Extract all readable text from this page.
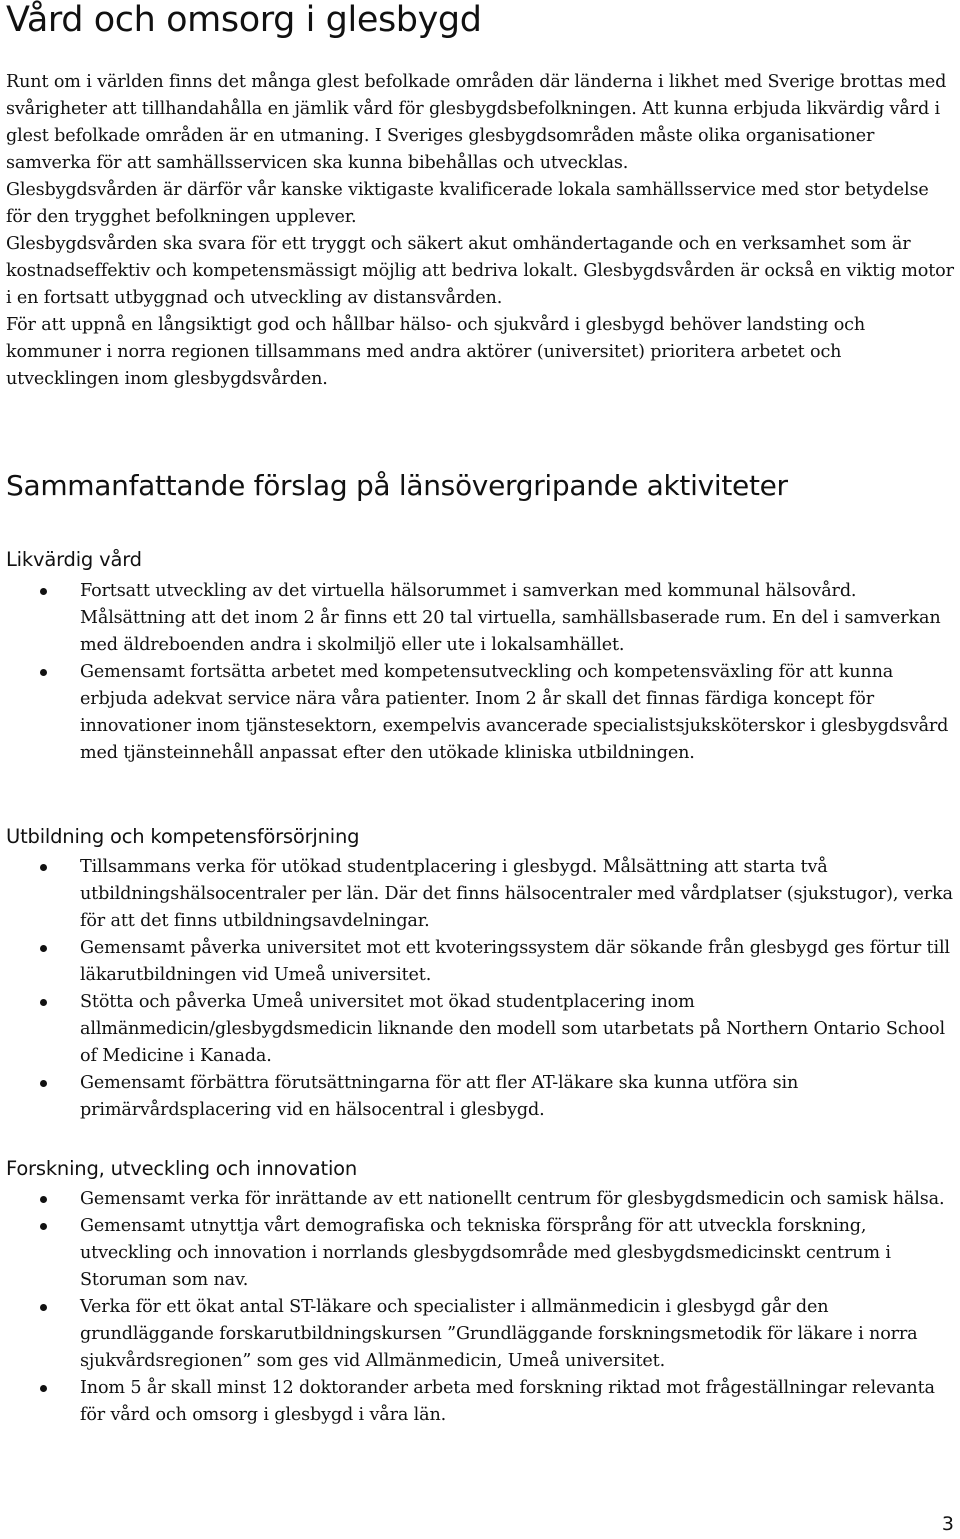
Vård och omsorg i glesbygd

Runt om i världen finns det många glest befolkade områden där länderna i likhet med Sverige brottas med svårigheter att tillhandahålla en jämlik vård för glesbygdsbefolkningen. Att kunna erbjuda likvärdig vård i glest befolkade områden är en utmaning. I Sveriges glesbygdsområden måste olika organisationer samverka för att samhällsservicen ska kunna bibehållas och utvecklas.

Glesbygdsvården är därför vår kanske viktigaste kvalificerade lokala samhällsservice med stor betydelse för den trygghet befolkningen upplever.

Glesbygdsvården ska svara för ett tryggt och säkert akut omhändertagande och en verksamhet som är kostnadseffektiv och kompetensmässigt möjlig att bedriva lokalt. Glesbygdsvården är också en viktig motor i en fortsatt utbyggnad och utveckling av distansvården.

För att uppnå en långsiktigt god och hållbar hälso- och sjukvård i glesbygd behöver landsting och kommuner i norra regionen tillsammans med andra aktörer (universitet) prioritera arbetet och utvecklingen inom glesbygdsvården.

Sammanfattande förslag på länsövergripande aktiviteter
Likvärdig vård
Fortsatt utveckling av det virtuella hälsorummet i samverkan med kommunal hälsovård. Målsättning att det inom 2 år finns ett 20 tal virtuella, samhällsbaserade rum. En del i samverkan med äldreboenden andra i skolmiljö eller ute i lokalsamhället.
Gemensamt fortsätta arbetet med kompetensutveckling och kompetensväxling för att kunna erbjuda adekvat service nära våra patienter. Inom 2 år skall det finnas färdiga koncept för innovationer inom tjänstesektorn, exempelvis avancerade specialistsjuksköterskor i glesbygdsvård med tjänsteinnehåll anpassat efter den utökade kliniska utbildningen.
Utbildning och kompetensförsörjning
Tillsammans verka för utökad studentplacering i glesbygd. Målsättning att starta två utbildningshälsocentraler per län. Där det finns hälsocentraler med vårdplatser (sjukstugor), verka för att det finns utbildningsavdelningar.
Gemensamt påverka universitet mot ett kvoteringssystem där sökande från glesbygd ges förtur till läkarutbildningen vid Umeå universitet.
Stötta och påverka Umeå universitet mot ökad studentplacering inom allmänmedicin/glesbygdsmedicin liknande den modell som utarbetats på Northern Ontario School of Medicine i Kanada.
Gemensamt förbättra förutsättningarna för att fler AT-läkare ska kunna utföra sin primärvårdsplacering vid en hälsocentral i glesbygd.
Forskning, utveckling och innovation
Gemensamt verka för inrättande av ett nationellt centrum för glesbygdsmedicin och samisk hälsa.
Gemensamt utnyttja vårt demografiska och tekniska försprång för att utveckla forskning, utveckling och innovation i norrlands glesbygdsområde med glesbygdsmedicinskt centrum i Storuman som nav.
Verka för ett ökat antal ST-läkare och specialister i allmänmedicin i glesbygd går den grundläggande forskarutbildningskursen ”Grundläggande forskningsmetodik för läkare i norra sjukvårdsregionen” som ges vid Allmänmedicin, Umeå universitet.
Inom 5 år skall minst 12 doktorander arbeta med forskning riktad mot frågeställningar relevanta för vård och omsorg i glesbygd i våra län.
3
